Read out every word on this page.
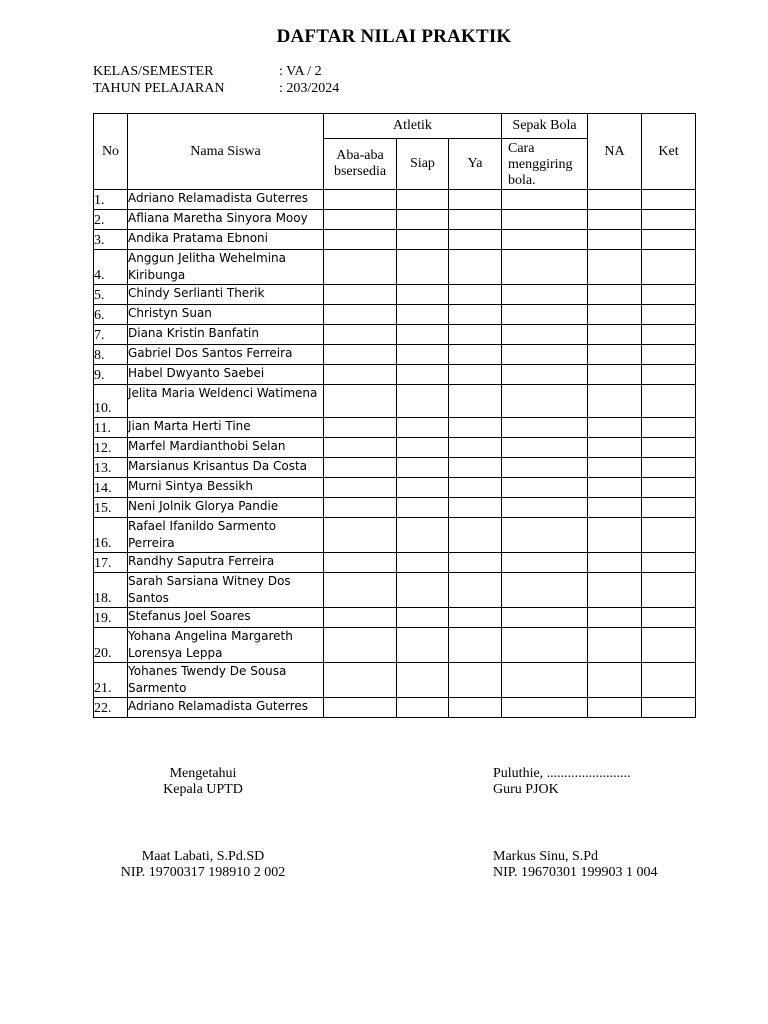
DAFTAR NILAI PRAKTIK
KELAS/SEMESTER	: VA / 2
TAHUN PELAJARAN	: 203/2024
No	Nama Siswa	Atletik			Sepak Bola	NA	Ket
		Aba-aba bsersedia	Siap	Ya	Cara menggiring bola.		
1.	Adriano Relamadista Guterres						
2.	Afliana Maretha Sinyora Mooy						
3.	Andika Pratama Ebnoni						
4.	Anggun Jelitha Wehelmina Kiribunga						
5.	Chindy Serlianti Therik						
6.	Christyn Suan						
7.	Diana Kristin Banfatin						
8.	Gabriel Dos Santos Ferreira						
9.	Habel Dwyanto Saebei						
10.	Jelita Maria Weldenci Watimena						
11.	Jian Marta Herti Tine						
12.	Marfel Mardianthobi Selan						
13.	Marsianus Krisantus Da Costa						
14.	Murni Sintya Bessikh						
15.	Neni Jolnik Glorya Pandie						
16.	Rafael Ifanildo Sarmento Perreira						
17.	Randhy Saputra Ferreira						
18.	Sarah Sarsiana Witney Dos Santos						
19.	Stefanus Joel Soares						
20.	Yohana Angelina Margareth Lorensya Leppa						
21.	Yohanes Twendy De Sousa Sarmento						
22.	Adriano Relamadista Guterres						
Mengetahui
Kepala UPTD
Maat Labati, S.Pd.SD
NIP. 19700317 198910 2 002
Puluthie, ........................
Guru PJOK
Markus Sinu, S.Pd
NIP. 19670301 199903 1 004
